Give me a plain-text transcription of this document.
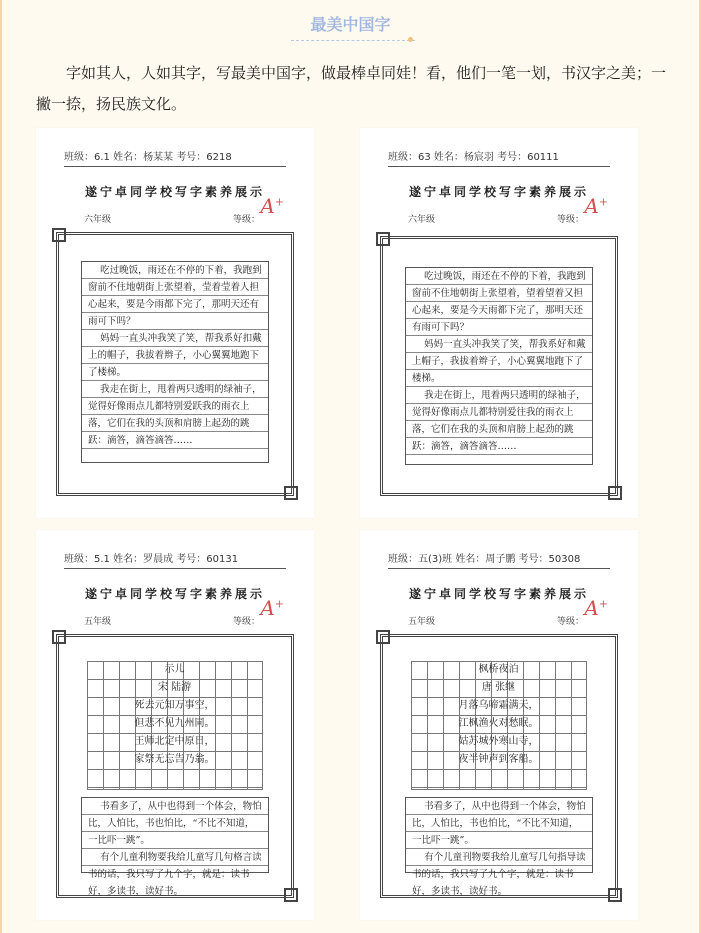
最美中国字
字如其人，人如其字，写最美中国字，做最棒卓同娃！看，他们一笔一划，书汉字之美；一撇一捺，扬民族文化。
班级：6.1 姓名：杨某某 考号：6218
遂宁卓同学校写字素养展示
六年级	等级：
A+
吃过晚饭，雨还在不停的下着，我跑到窗前不住地朝街上张望着，莹着莹着人担心起来，要是今雨都下完了，那明天还有雨可下吗？
妈妈一直头冲我笑了笑，帮我系好扣戴上的帽子，我拔着辫子，小心翼翼地跑下了楼梯。
我走在街上，甩着两只透明的绿袖子，觉得好像雨点儿都特别爱跃我的雨衣上落，它们在我的头顶和肩膀上起劲的跳跃：滴答，滴答滴答……
班级：63 姓名：杨宸羽 考号：60111
遂宁卓同学校写字素养展示
六年级	等级：
A+
吃过晚饭，雨还在不停的下着，我跑到窗前不住地朝街上张望着，望着望着又担心起来，要是今天雨都下完了，那明天还有雨可下吗？
妈妈一直头冲我笑了笑，帮我系好和戴上帽子，我拔着辫子，小心翼翼地跑下了楼梯。
我走在街上，甩着两只透明的绿袖子，觉得好像雨点儿都特别爱往我的雨衣上落，它们在我的头顶和肩膀上起劲的跳跃：滴答，滴答滴答……
班级：5.1 姓名：罗晨成 考号：60131
遂宁卓同学校写字素养展示
五年级	等级：
A+
示儿
宋 陆游
死去元知万事空，
但悲不见九州同。
王师北定中原日，
家祭无忘告乃翁。
书看多了，从中也得到一个体会，物怕比，人怕比，书也怕比，“不比不知道，一比吓一跳”。
有个儿童利物要我给儿童写几句格言读书的话，我只写了九个字，就是：读书好，多读书，读好书。
班级：五(3)班 姓名：周子鹏 考号：50308
遂宁卓同学校写字素养展示
五年级	等级：
A+
枫桥夜泊
唐 张继
月落乌啼霜满天，
江枫渔火对愁眠。
姑苏城外寒山寺，
夜半钟声到客船。
书看多了，从中也得到一个体会，物怕比，人怕比，书也怕比，“不比不知道，一比吓一跳”。
有个儿童刊物要我给儿童写几句指导读书的话，我只写了九个字，就是：读书好，多读书，读好书。
